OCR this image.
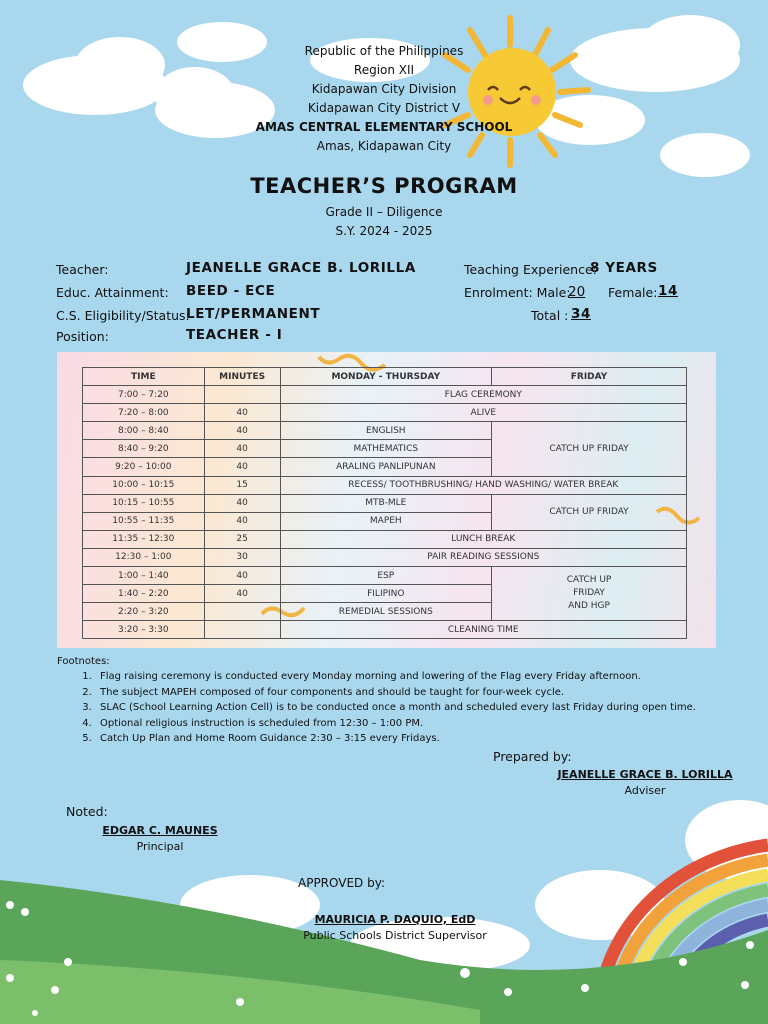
Republic of the Philippines
Region XII
Kidapawan City Division
Kidapawan City District V
AMAS CENTRAL ELEMENTARY SCHOOL
Amas, Kidapawan City
TEACHER’S PROGRAM
Grade II – Diligence
S.Y. 2024 - 2025
Teacher:	JEANELLE GRACE B. LORILLA
Educ. Attainment: BEED - ECE
C.S. Eligibility/Status:
LET/PERMANENT
Position:	TEACHER - I
Teaching Experience:
8 YEARS
Enrolment: Male:
20 Female: 14
Total : 34
TIME	MINUTES	MONDAY - THURSDAY	FRIDAY
7:00 – 7:20		FLAG CEREMONY	
7:20 – 8:00	40	ALIVE	
8:00 – 8:40	40	ENGLISH	CATCH UP FRIDAY
8:40 – 9:20	40	MATHEMATICS	
9:20 – 10:00	40	ARALING PANLIPUNAN	
10:00 – 10:15	15	RECESS/ TOOTHBRUSHING/ HAND WASHING/ WATER BREAK	
10:15 – 10:55	40	MTB-MLE	CATCH UP FRIDAY
10:55 – 11:35	40	MAPEH	
11:35 – 12:30	25	LUNCH BREAK	
12:30 – 1:00	30	PAIR READING SESSIONS	
1:00 – 1:40	40	ESP	CATCH UP FRIDAY AND HGP
1:40 – 2:20	40	FILIPINO	
2:20 – 3:20		REMEDIAL SESSIONS	
3:20 – 3:30		CLEANING TIME	
Footnotes:
1. Flag raising ceremony is conducted every Monday morning and lowering of the Flag every Friday afternoon.
2. The subject MAPEH composed of four components and should be taught for four-week cycle.
3. SLAC (School Learning Action Cell) is to be conducted once a month and scheduled every last Friday during open time.
4. Optional religious instruction is scheduled from 12:30 – 1:00 PM.
5. Catch Up Plan and Home Room Guidance 2:30 – 3:15 every Fridays.
Prepared by:
JEANELLE GRACE B. LORILLA
Adviser
Noted:
EDGAR C. MAUNES
Principal
APPROVED by:
MAURICIA P. DAQUIO, EdD
Public Schools District Supervisor
